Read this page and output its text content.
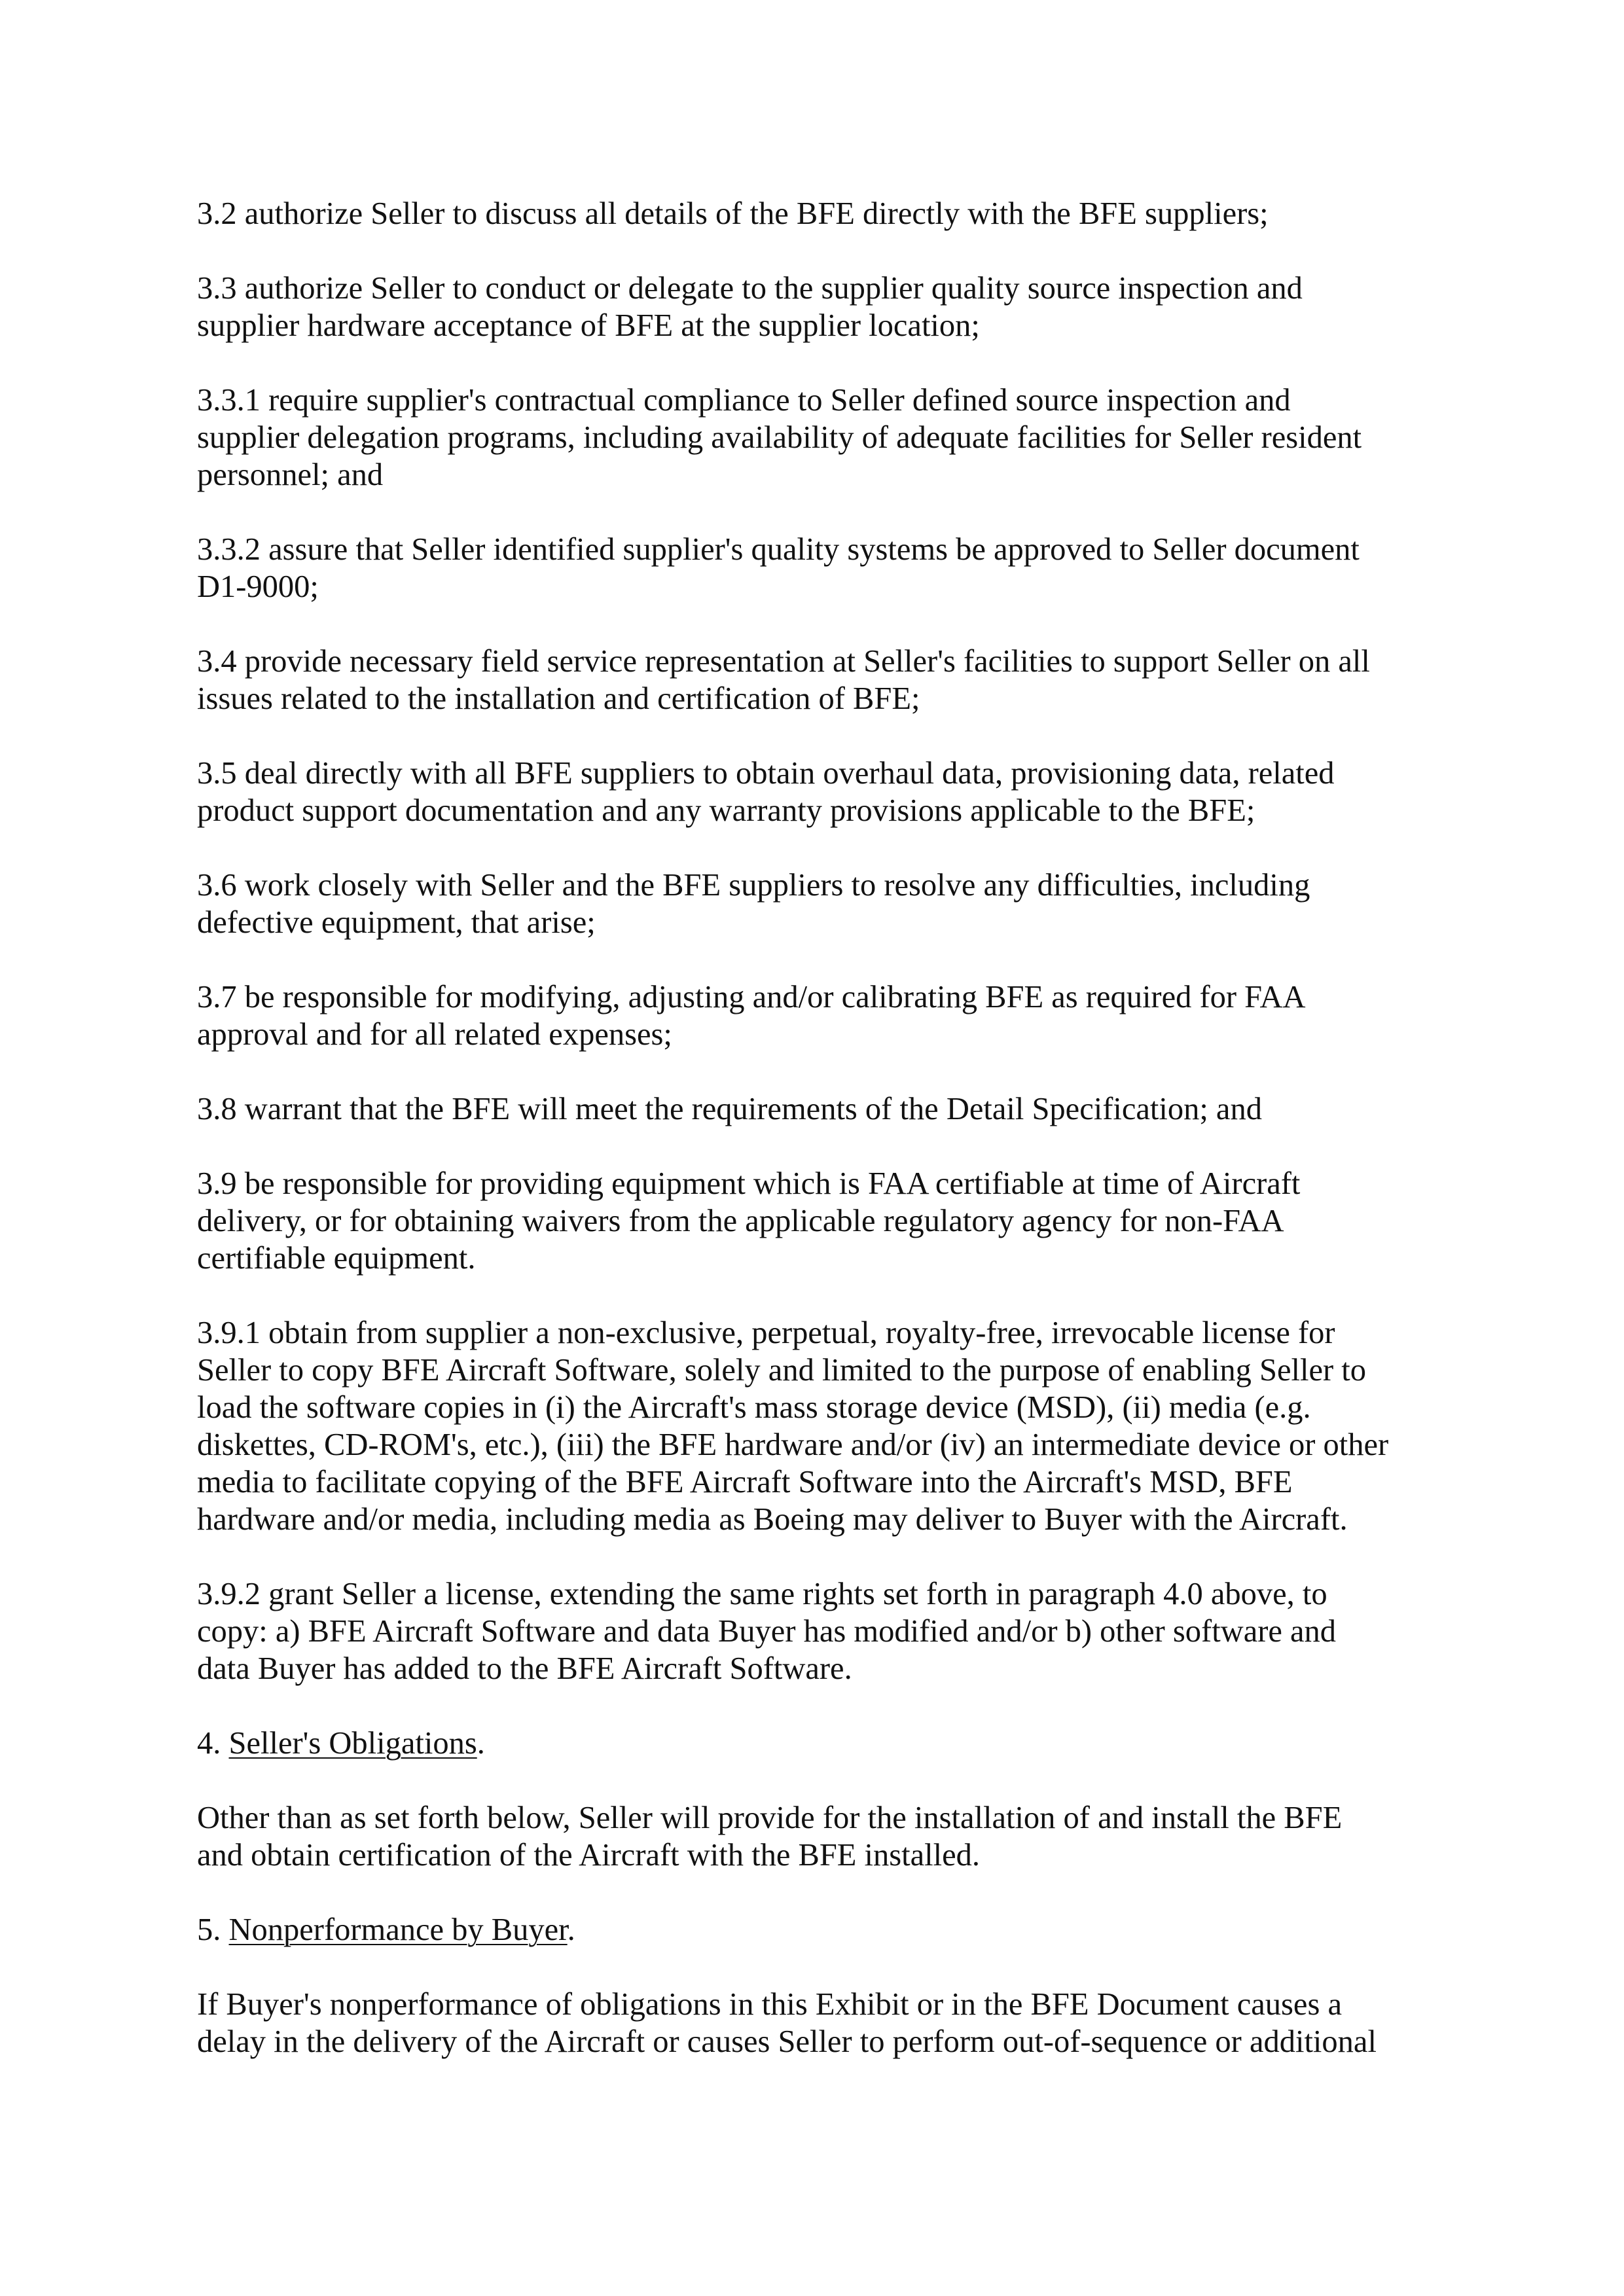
3.2 authorize Seller to discuss all details of the BFE directly with the BFE suppliers;

3.3 authorize Seller to conduct or delegate to the supplier quality source inspection and
supplier hardware acceptance of BFE at the supplier location;

3.3.1 require supplier's contractual compliance to Seller defined source inspection and
supplier delegation programs, including availability of adequate facilities for Seller resident
personnel; and

3.3.2 assure that Seller identified supplier's quality systems be approved to Seller document
D1-9000;

3.4 provide necessary field service representation at Seller's facilities to support Seller on all
issues related to the installation and certification of BFE;

3.5 deal directly with all BFE suppliers to obtain overhaul data, provisioning data, related
product support documentation and any warranty provisions applicable to the BFE;

3.6 work closely with Seller and the BFE suppliers to resolve any difficulties, including
defective equipment, that arise;

3.7 be responsible for modifying, adjusting and/or calibrating BFE as required for FAA
approval and for all related expenses;

3.8 warrant that the BFE will meet the requirements of the Detail Specification; and

3.9 be responsible for providing equipment which is FAA certifiable at time of Aircraft
delivery, or for obtaining waivers from the applicable regulatory agency for non-FAA
certifiable equipment.

3.9.1 obtain from supplier a non-exclusive, perpetual, royalty-free, irrevocable license for
Seller to copy BFE Aircraft Software, solely and limited to the purpose of enabling Seller to
load the software copies in (i) the Aircraft's mass storage device (MSD), (ii) media (e.g.
diskettes, CD-ROM's, etc.), (iii) the BFE hardware and/or (iv) an intermediate device or other
media to facilitate copying of the BFE Aircraft Software into the Aircraft's MSD, BFE
hardware and/or media, including media as Boeing may deliver to Buyer with the Aircraft.

3.9.2 grant Seller a license, extending the same rights set forth in paragraph 4.0 above, to
copy: a) BFE Aircraft Software and data Buyer has modified and/or b) other software and
data Buyer has added to the BFE Aircraft Software.

4. Seller's Obligations.

Other than as set forth below, Seller will provide for the installation of and install the BFE
and obtain certification of the Aircraft with the BFE installed.

5. Nonperformance by Buyer.

If Buyer's nonperformance of obligations in this Exhibit or in the BFE Document causes a
delay in the delivery of the Aircraft or causes Seller to perform out-of-sequence or additional
